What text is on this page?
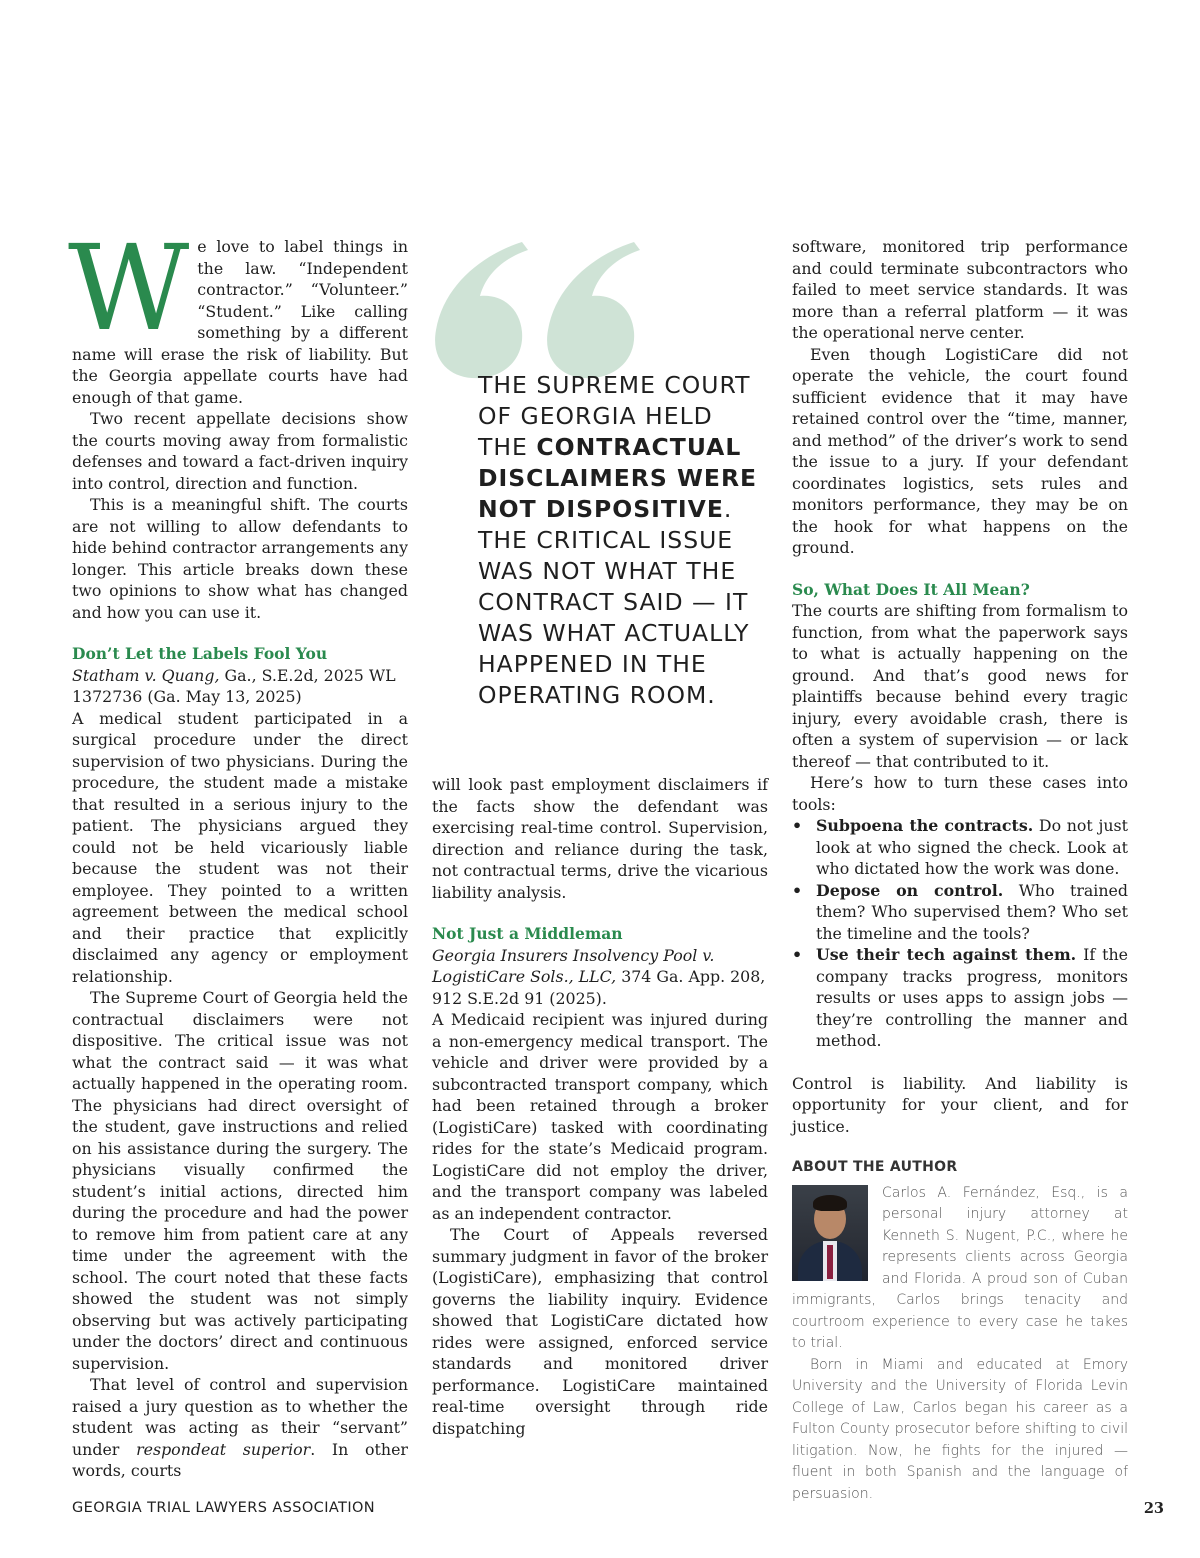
We love to label things in the law. “Independent contractor.” “Volunteer.” “Student.” Like calling something by a different name will erase the risk of liability. But the Georgia appellate courts have had enough of that game.

Two recent appellate decisions show the courts moving away from formalistic defenses and toward a fact-driven inquiry into control, direction and function.

This is a meaningful shift. The courts are not willing to allow defendants to hide behind contractor arrangements any longer. This article breaks down these two opinions to show what has changed and how you can use it.

Don’t Let the Labels Fool You

Statham v. Quang, Ga., S.E.2d, 2025 WL 1372736 (Ga. May 13, 2025)

A medical student participated in a surgical procedure under the direct supervision of two physicians. During the procedure, the student made a mistake that resulted in a serious injury to the patient. The physicians argued they could not be held vicariously liable because the student was not their employee. They pointed to a written agreement between the medical school and their practice that explicitly disclaimed any agency or employment relationship.

The Supreme Court of Georgia held the contractual disclaimers were not dispositive. The critical issue was not what the contract said — it was what actually happened in the operating room. The physicians had direct oversight of the student, gave instructions and relied on his assistance during the surgery. The physicians visually confirmed the student’s initial actions, directed him during the procedure and had the power to remove him from patient care at any time under the agreement with the school. The court noted that these facts showed the student was not simply observing but was actively participating under the doctors’ direct and continuous supervision.

That level of control and supervision raised a jury question as to whether the student was acting as their “servant” under respondeat superior. In other words, courts

THE SUPREME COURT OF GEORGIA HELD THE CONTRACTUAL DISCLAIMERS WERE NOT DISPOSITIVE. THE CRITICAL ISSUE WAS NOT WHAT THE CONTRACT SAID — IT WAS WHAT ACTUALLY HAPPENED IN THE OPERATING ROOM.

will look past employment disclaimers if the facts show the defendant was exercising real-time control. Supervision, direction and reliance during the task, not contractual terms, drive the vicarious liability analysis.

Not Just a Middleman

Georgia Insurers Insolvency Pool v. LogistiCare Sols., LLC, 374 Ga. App. 208, 912 S.E.2d 91 (2025).

A Medicaid recipient was injured during a non-emergency medical transport. The vehicle and driver were provided by a subcontracted transport company, which had been retained through a broker (LogistiCare) tasked with coordinating rides for the state’s Medicaid program. LogistiCare did not employ the driver, and the transport company was labeled as an independent contractor.

The Court of Appeals reversed summary judgment in favor of the broker (LogistiCare), emphasizing that control governs the liability inquiry. Evidence showed that LogistiCare dictated how rides were assigned, enforced service standards and monitored driver performance. LogistiCare maintained real-time oversight through ride dispatching

software, monitored trip performance and could terminate subcontractors who failed to meet service standards. It was more than a referral platform — it was the operational nerve center.

Even though LogistiCare did not operate the vehicle, the court found sufficient evidence that it may have retained control over the “time, manner, and method” of the driver’s work to send the issue to a jury. If your defendant coordinates logistics, sets rules and monitors performance, they may be on the hook for what happens on the ground.

So, What Does It All Mean?

The courts are shifting from formalism to function, from what the paperwork says to what is actually happening on the ground. And that’s good news for plaintiffs because behind every tragic injury, every avoidable crash, there is often a system of supervision — or lack thereof — that contributed to it.

Here’s how to turn these cases into tools:

• Subpoena the contracts. Do not just look at who signed the check. Look at who dictated how the work was done.
• Depose on control. Who trained them? Who supervised them? Who set the timeline and the tools?
• Use their tech against them. If the company tracks progress, monitors results or uses apps to assign jobs — they’re controlling the manner and method.

Control is liability. And liability is opportunity for your client, and for justice.

ABOUT THE AUTHOR

Carlos A. Fernández, Esq., is a personal injury attorney at Kenneth S. Nugent, P.C., where he represents clients across Georgia and Florida. A proud son of Cuban immigrants, Carlos brings tenacity and courtroom experience to every case he takes to trial.

Born in Miami and educated at Emory University and the University of Florida Levin College of Law, Carlos began his career as a Fulton County prosecutor before shifting to civil litigation. Now, he fights for the injured — fluent in both Spanish and the language of persuasion.

GEORGIA TRIAL LAWYERS ASSOCIATION	23
